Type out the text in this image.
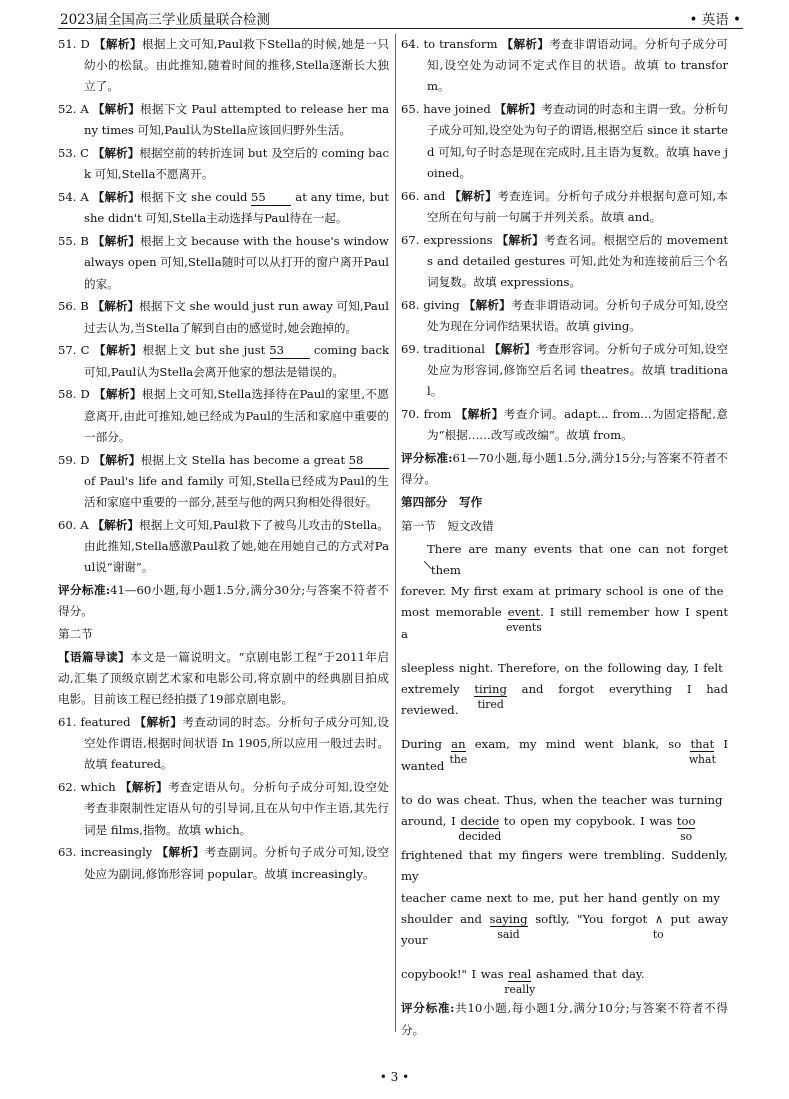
2023届全国高三学业质量联合检测	• 英语 •
51. D 【解析】根据上文可知,Paul救下Stella的时候,她是一只幼小的松鼠。由此推知,随着时间的推移,Stella逐渐长大独立了。
52. A 【解析】根据下文 Paul attempted to release her many times 可知,Paul认为Stella应该回归野外生活。
53. C 【解析】根据空前的转折连词 but 及空后的 coming back 可知,Stella不愿离开。
54. A 【解析】根据下文 she could 55 at any time, but she didn't 可知,Stella主动选择与Paul待在一起。
55. B 【解析】根据上文 because with the house's window always open 可知,Stella随时可以从打开的窗户离开Paul的家。
56. B 【解析】根据下文 she would just run away 可知,Paul过去认为,当Stella了解到自由的感觉时,她会跑掉的。
57. C 【解析】根据上文 but she just 53 coming back 可知,Paul认为Stella会离开他家的想法是错误的。
58. D 【解析】根据上文可知,Stella选择待在Paul的家里,不愿意离开,由此可推知,她已经成为Paul的生活和家庭中重要的一部分。
59. D 【解析】根据上文 Stella has become a great 58 of Paul's life and family 可知,Stella已经成为Paul的生活和家庭中重要的一部分,甚至与他的两只狗相处得很好。
60. A 【解析】根据上文可知,Paul救下了被鸟儿攻击的Stella。由此推知,Stella感激Paul救了她,她在用她自己的方式对Paul说“谢谢”。
评分标准:41—60小题,每小题1.5分,满分30分;与答案不符者不得分。
第二节
【语篇导读】本文是一篇说明文。“京剧电影工程”于2011年启动,汇集了顶级京剧艺术家和电影公司,将京剧中的经典剧目拍成电影。目前该工程已经拍摄了19部京剧电影。
61. featured 【解析】考查动词的时态。分析句子成分可知,设空处作谓语,根据时间状语 In 1905,所以应用一般过去时。故填 featured。
62. which 【解析】考查定语从句。分析句子成分可知,设空处考查非限制性定语从句的引导词,且在从句中作主语,其先行词是 films,指物。故填 which。
63. increasingly 【解析】考查副词。分析句子成分可知,设空处应为副词,修饰形容词 popular。故填 increasingly。
64. to transform 【解析】考查非谓语动词。分析句子成分可知,设空处为动词不定式作目的状语。故填 to transform。
65. have joined 【解析】考查动词的时态和主谓一致。分析句子成分可知,设空处为句子的谓语,根据空后 since it started 可知,句子时态是现在完成时,且主语为复数。故填 have joined。
66. and 【解析】考查连词。分析句子成分并根据句意可知,本空所在句与前一句属于并列关系。故填 and。
67. expressions 【解析】考查名词。根据空后的 movements and detailed gestures 可知,此处为和连接前后三个名词复数。故填 expressions。
68. giving 【解析】考查非谓语动词。分析句子成分可知,设空处为现在分词作结果状语。故填 giving。
69. traditional 【解析】考查形容词。分析句子成分可知,设空处应为形容词,修饰空后名词 theatres。故填 traditional。
70. from 【解析】考查介词。adapt... from...为固定搭配,意为“根据……改写或改编”。故填 from。
评分标准:61—70小题,每小题1.5分,满分15分;与答案不符者不得分。
第四部分　写作
第一节　短文改错
There are many events that one can not forget \them
forever. My first exam at primary school is one of the
most memorable event
events
. I still remember how I spent a
sleepless night. Therefore, on the following day, I felt
extremely tiring
tired
and forgot everything I had reviewed.
During an
the
exam, my mind went blank, so that
what
I wanted
to do was cheat. Thus, when the teacher was turning
around, I decide
decided
to open my copybook. I was too
so
frightened that my fingers were trembling. Suddenly, my
teacher came next to me, put her hand gently on my
shoulder and saying
said
softly, "You forgot ∧
to
put away your
copybook!" I was real
really
ashamed that day.
评分标准:共10小题,每小题1分,满分10分;与答案不符者不得分。
• 3 •
